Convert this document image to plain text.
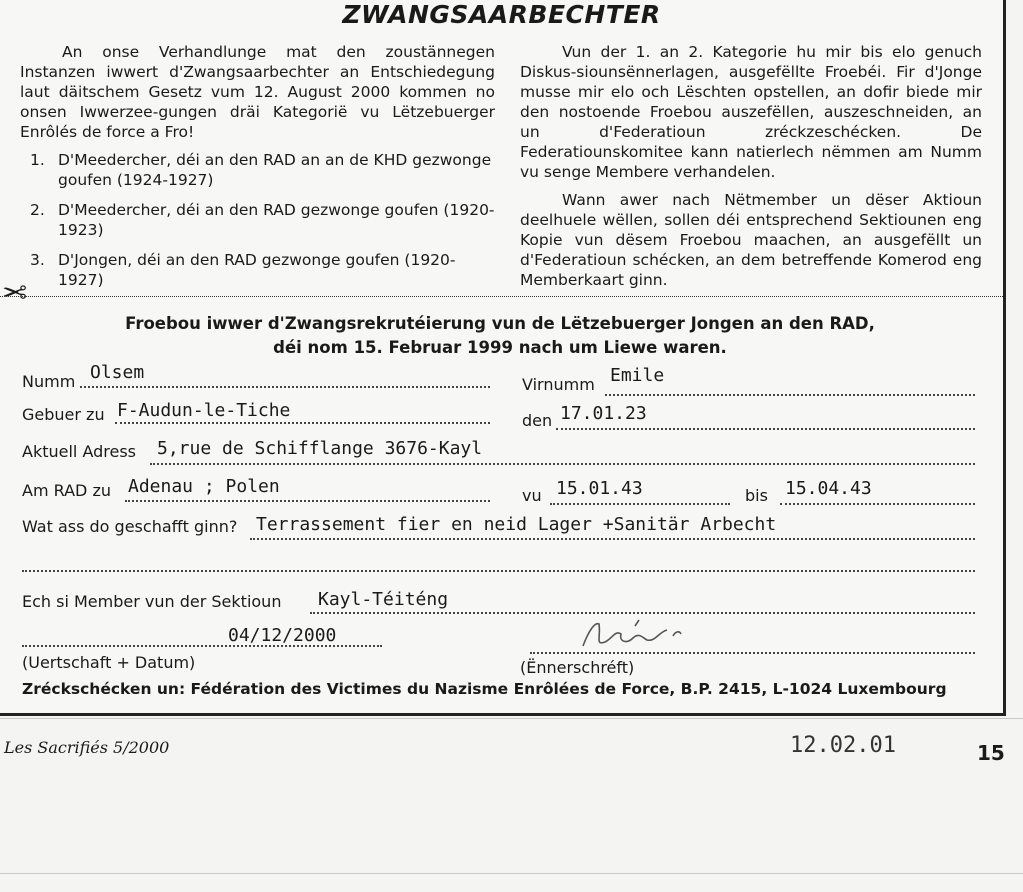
ZWANGSAARBECHTER

An onse Verhandlunge mat den zoustännegen Instanzen iwwert d'Zwangsaarbechter an Entschiedegung laut däitschem Gesetz vum 12. August 2000 kommen no onsen Iwwerzee-gungen dräi Kategorië vu Lëtzebuerger Enrôlés de force a Fro!

1. D'Meedercher, déi an den RAD an an de KHD gezwonge goufen (1924-1927)
2. D'Meedercher, déi an den RAD gezwonge goufen (1920-1923)
3. D'Jongen, déi an den RAD gezwonge goufen (1920-1927)

Vun der 1. an 2. Kategorie hu mir bis elo genuch Diskus-siounsënnerlagen, ausgefëllte Froebéi. Fir d'Jonge musse mir elo och Lëschten opstellen, an dofir biede mir den nostoende Froebou auszefëllen, auszeschneiden, an un d'Federatioun zréckzeschécken. De Federatiounskomitee kann natierlech nëmmen am Numm vu senge Membere verhandelen.

Wann awer nach Nëtmember un dëser Aktioun deelhuele wëllen, sollen déi entsprechend Sektiounen eng Kopie vun dësem Froebou maachen, an ausgefëllt un d'Federatioun schécken, an dem betreffende Komerod eng Memberkaart ginn.

✂
Froebou iwwer d'Zwangsrekrutéierung vun de Lëtzebuerger Jongen an den RAD,
déi nom 15. Februar 1999 nach um Liewe waren.
Numm Olsem
Virnumm Emile
Gebuer zu F-Audun-le-Tiche	den 17.01.23
Aktuell Adress 5,rue de Schifflange 3676-Kayl
Am RAD zu Adenau ; Polen	vu 15.01.43	bis 15.04.43
Wat ass do geschafft ginn? Terrassement fier en neid Lager +Sanitär Arbecht
Ech si Member vun der Sektioun Kayl-Téiténg
04/12/2000
(Uertschaft + Datum)	(Ënnerschréft)
Zréckschécken un: Fédération des Victimes du Nazisme Enrôlées de Force, B.P. 2415, L-1024 Luxembourg
Les Sacrifiés 5/2000	12.02.01	15
